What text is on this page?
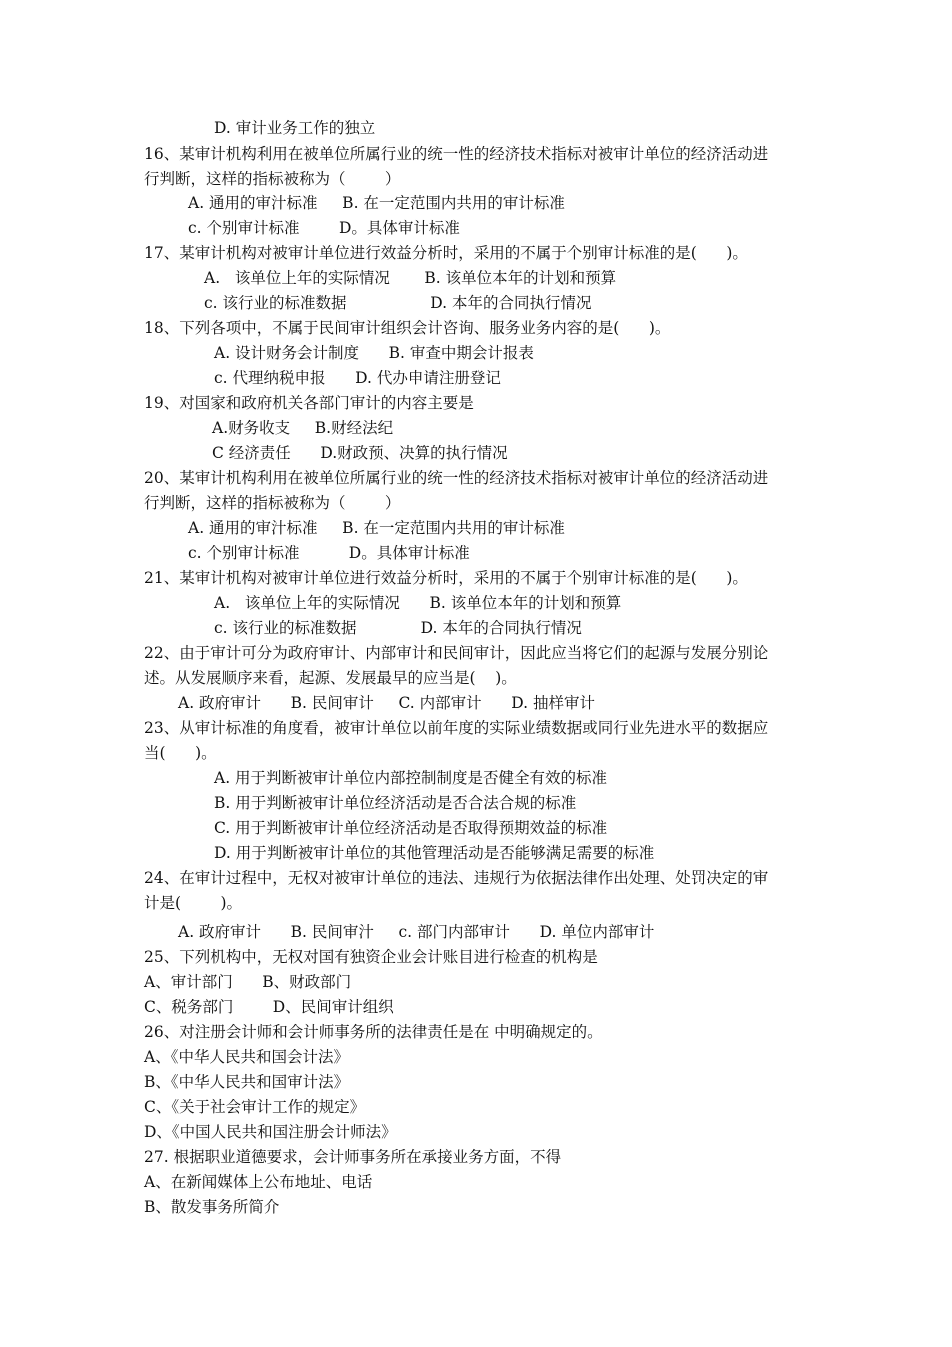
D. 审计业务工作的独立
16、某审计机构利用在被单位所属行业的统一性的经济技术指标对被审计单位的经济活动进
行判断，这样的指标被称为（        ）
A. 通用的审汁标准     B. 在一定范围内共用的审计标准
c. 个别审计标准        D。具体审计标准
17、某审计机构对被审计单位进行效益分析时，采用的不属于个别审计标准的是(      )。
A.   该单位上年的实际情况       B. 该单位本年的计划和预算
c. 该行业的标准数据                 D. 本年的合同执行情况
18、下列各项中，不属于民间审计组织会计咨询、服务业务内容的是(      )。
A. 设计财务会计制度      B. 审查中期会计报表
c. 代理纳税申报      D. 代办申请注册登记
19、对国家和政府机关各部门审计的内容主要是
A.财务收支     B.财经法纪
C 经济责任      D.财政预、决算的执行情况
20、某审计机构利用在被单位所属行业的统一性的经济技术指标对被审计单位的经济活动进
行判断，这样的指标被称为（        ）
A. 通用的审汁标准     B. 在一定范围内共用的审计标准
c. 个别审计标准          D。具体审计标准
21、某审计机构对被审计单位进行效益分析时，采用的不属于个别审计标准的是(      )。
A.   该单位上年的实际情况      B. 该单位本年的计划和预算
c. 该行业的标准数据             D. 本年的合同执行情况
22、由于审计可分为政府审计、内部审计和民间审计，因此应当将它们的起源与发展分别论
述。从发展顺序来看，起源、发展最早的应当是(    )。
A. 政府审计      B. 民间审计     C. 内部审计      D. 抽样审计
23、从审计标准的角度看，被审计单位以前年度的实际业绩数据或同行业先进水平的数据应
当(      )。
A. 用于判断被审计单位内部控制制度是否健全有效的标准
B. 用于判断被审计单位经济活动是否合法合规的标准
C. 用于判断被审计单位经济活动是否取得预期效益的标准
D. 用于判断被审计单位的其他管理活动是否能够满足需要的标准
24、在审计过程中，无权对被审计单位的违法、违规行为依据法律作出处理、处罚决定的审
计是(        )。
A. 政府审计      B. 民间审汁     c. 部门内部审计      D. 单位内部审计
25、下列机构中，无权对国有独资企业会计账目进行检查的机构是
A、审计部门      B、财政部门
C、税务部门        D、民间审计组织
26、对注册会计师和会计师事务所的法律责任是在 中明确规定的。
A、《中华人民共和国会计法》
B、《中华人民共和国审计法》
C、《关于社会审计工作的规定》
D、《中国人民共和国注册会计师法》
27. 根据职业道德要求，会计师事务所在承接业务方面，不得
A、在新闻媒体上公布地址、电话
B、散发事务所简介
